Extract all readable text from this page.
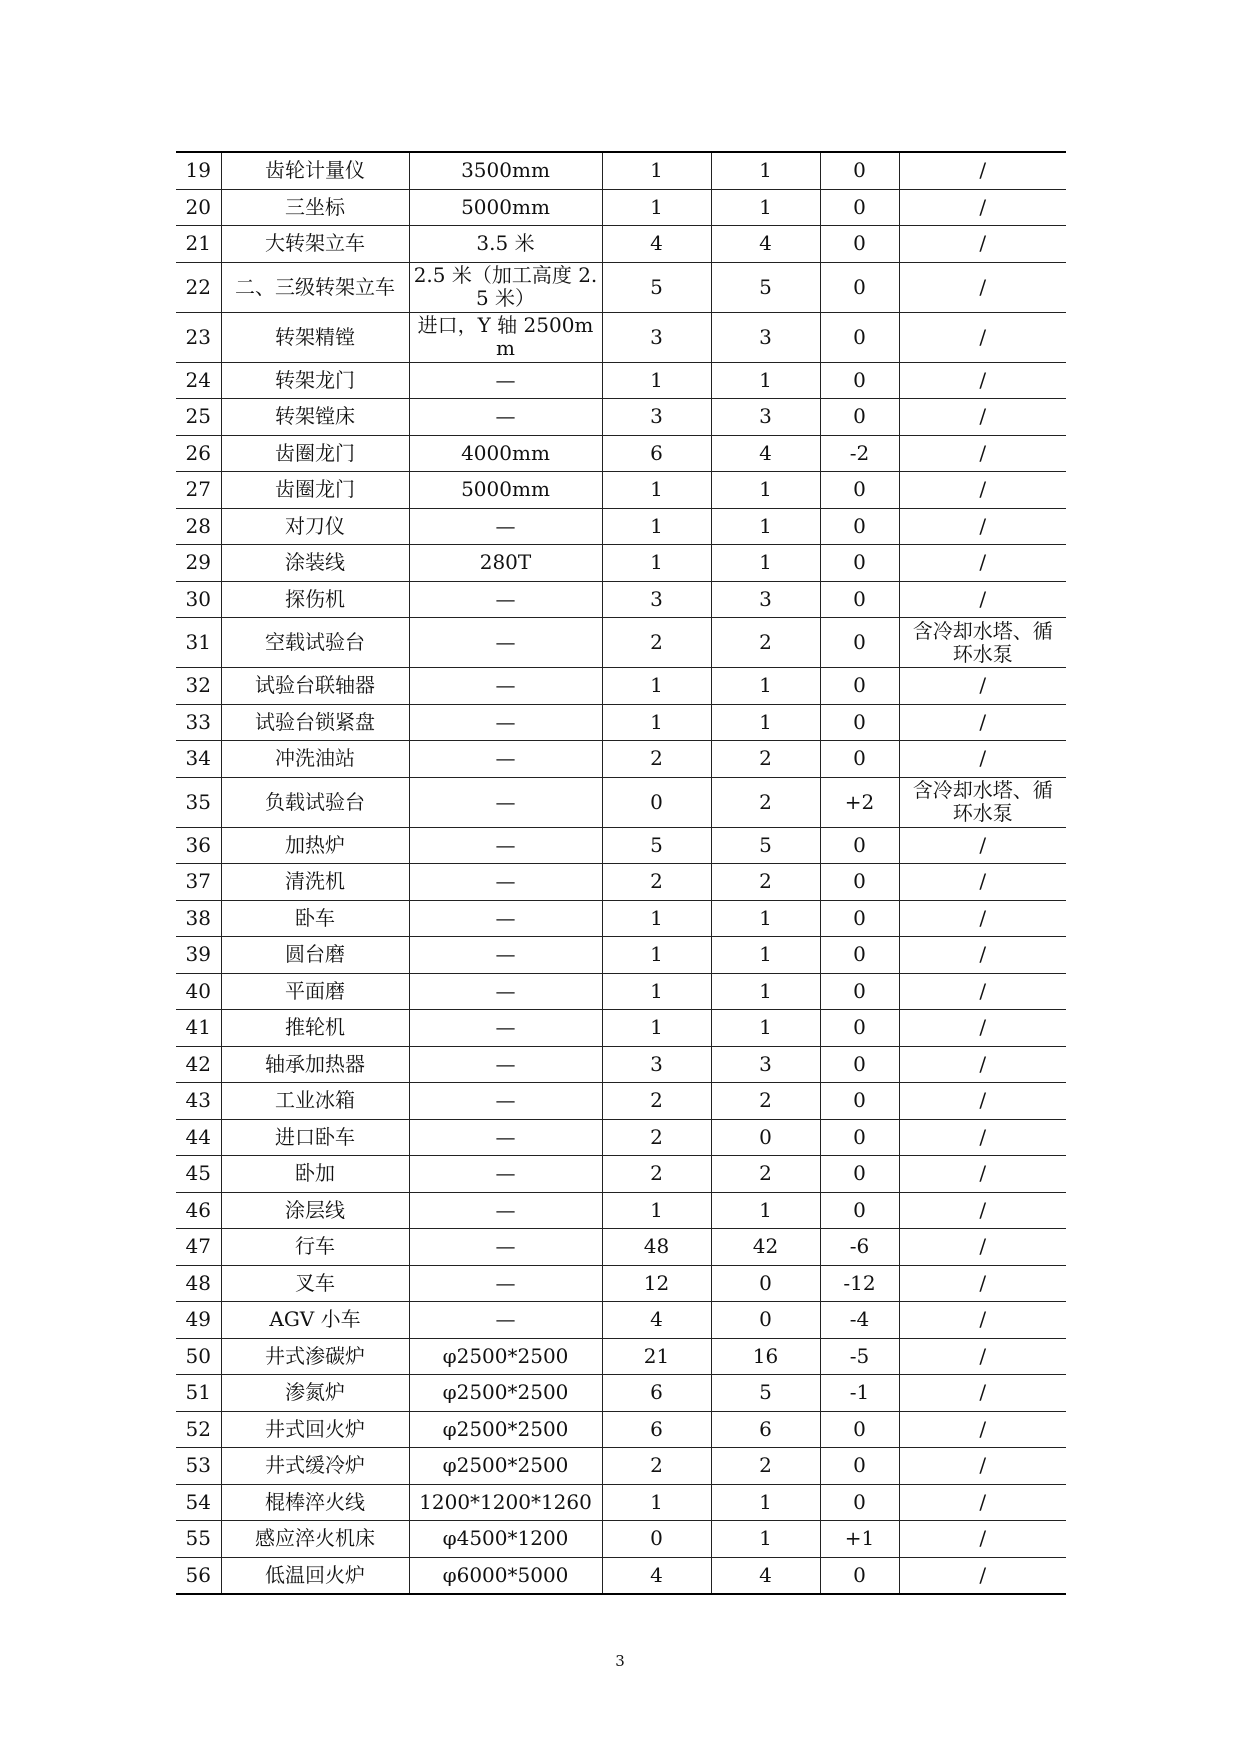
19	齿轮计量仪	3500mm	1	1	0	/
20	三坐标	5000mm	1	1	0	/
21	大转架立车	3.5 米	4	4	0	/
22	二、三级转架立车	2.5 米（加工高度 2.5 米）	5	5	0	/
23	转架精镗	进口，Y 轴 2500mm	3	3	0	/
24	转架龙门	—	1	1	0	/
25	转架镗床	—	3	3	0	/
26	齿圈龙门	4000mm	6	4	-2	/
27	齿圈龙门	5000mm	1	1	0	/
28	对刀仪	—	1	1	0	/
29	涂装线	280T	1	1	0	/
30	探伤机	—	3	3	0	/
31	空载试验台	—	2	2	0	含冷却水塔、循环水泵
32	试验台联轴器	—	1	1	0	/
33	试验台锁紧盘	—	1	1	0	/
34	冲洗油站	—	2	2	0	/
35	负载试验台	—	0	2	+2	含冷却水塔、循环水泵
36	加热炉	—	5	5	0	/
37	清洗机	—	2	2	0	/
38	卧车	—	1	1	0	/
39	圆台磨	—	1	1	0	/
40	平面磨	—	1	1	0	/
41	推轮机	—	1	1	0	/
42	轴承加热器	—	3	3	0	/
43	工业冰箱	—	2	2	0	/
44	进口卧车	—	2	0	0	/
45	卧加	—	2	2	0	/
46	涂层线	—	1	1	0	/
47	行车	—	48	42	-6	/
48	叉车	—	12	0	-12	/
49	AGV 小车	—	4	0	-4	/
50	井式渗碳炉	φ2500*2500	21	16	-5	/
51	渗氮炉	φ2500*2500	6	5	-1	/
52	井式回火炉	φ2500*2500	6	6	0	/
53	井式缓冷炉	φ2500*2500	2	2	0	/
54	棍棒淬火线	1200*1200*1260	1	1	0	/
55	感应淬火机床	φ4500*1200	0	1	+1	/
56	低温回火炉	φ6000*5000	4	4	0	/
3
